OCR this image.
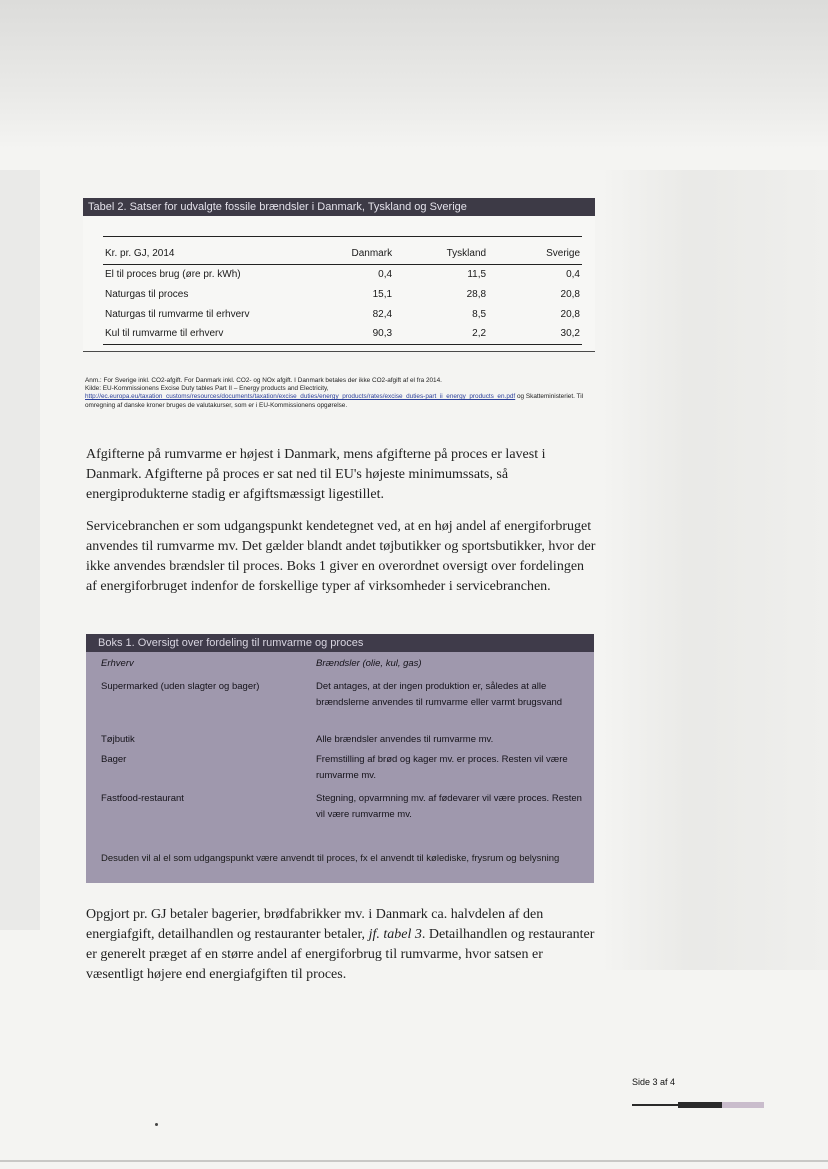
Tabel 2. Satser for udvalgte fossile brændsler i Danmark, Tyskland og Sverige
Kr. pr. GJ, 2014	Danmark	Tyskland	Sverige
El til proces brug (øre pr. kWh)	0,4	11,5	0,4
Naturgas til proces	15,1	28,8	20,8
Naturgas til rumvarme til erhverv	82,4	8,5	20,8
Kul til rumvarme til erhverv	90,3	2,2	30,2
Anm.: For Sverige inkl. CO2-afgift. For Danmark inkl. CO2- og NOx afgift. I Danmark betales der ikke CO2-afgift af el fra 2014.
Kilde: EU-Kommissionens Excise Duty tables Part II – Energy products and Electricity,
http://ec.europa.eu/taxation_customs/resources/documents/taxation/excise_duties/energy_products/rates/excise_duties-part_ii_energy_products_en.pdf og Skatteministeriet. Til omregning af danske kroner bruges de valutakurser, som er i EU-Kommissionens opgørelse.
Afgifterne på rumvarme er højest i Danmark, mens afgifterne på proces er lavest i Danmark. Afgifterne på proces er sat ned til EU's højeste minimumssats, så energiprodukterne stadig er afgiftsmæssigt ligestillet.
Servicebranchen er som udgangspunkt kendetegnet ved, at en høj andel af energiforbruget anvendes til rumvarme mv. Det gælder blandt andet tøjbutikker og sportsbutikker, hvor der ikke anvendes brændsler til proces. Boks 1 giver en overordnet oversigt over fordelingen af energiforbruget indenfor de forskellige typer af virksomheder i servicebranchen.
Boks 1. Oversigt over fordeling til rumvarme og proces
Erhverv	Brændsler (olie, kul, gas)
Supermarked (uden slagter og bager)	Det antages, at der ingen produktion er, således at alle brændslerne anvendes til rumvarme eller varmt brugsvand
Tøjbutik	Alle brændsler anvendes til rumvarme mv.
Bager	Fremstilling af brød og kager mv. er proces. Resten vil være rumvarme mv.
Fastfood-restaurant	Stegning, opvarmning mv. af fødevarer vil være proces. Resten vil være rumvarme mv.
Desuden vil al el som udgangspunkt være anvendt til proces, fx el anvendt til kølediske, frysrum og belysning
Opgjort pr. GJ betaler bagerier, brødfabrikker mv. i Danmark ca. halvdelen af den energiafgift, detailhandlen og restauranter betaler, jf. tabel 3. Detailhandlen og restauranter er generelt præget af en større andel af energiforbrug til rumvarme, hvor satsen er væsentligt højere end energiafgiften til proces.
Side 3 af 4
